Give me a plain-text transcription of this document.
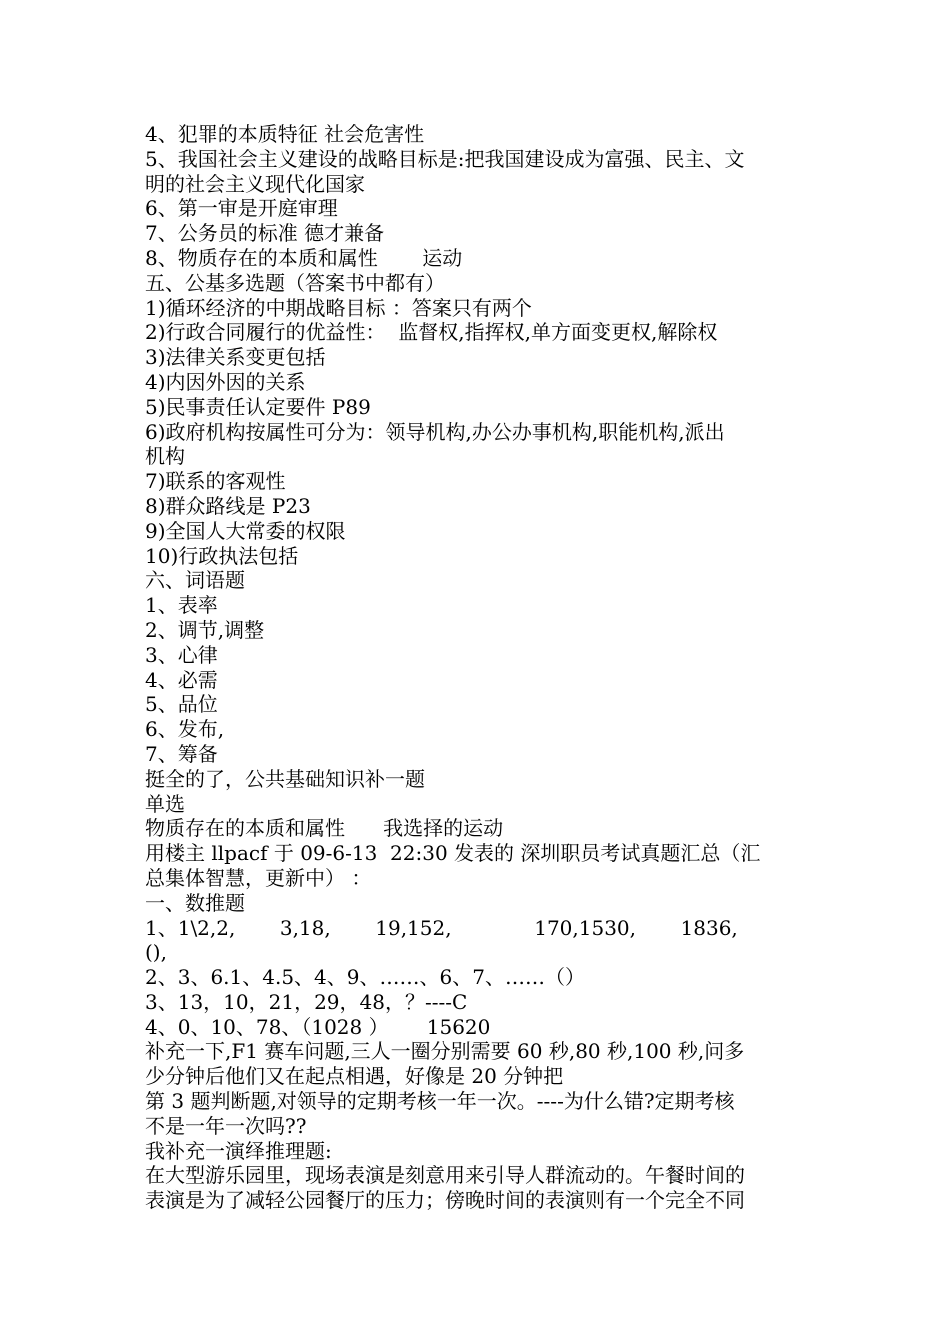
4、犯罪的本质特征 社会危害性
5、我国社会主义建设的战略目标是:把我国建设成为富强、民主、文
明的社会主义现代化国家
6、第一审是开庭审理
7、公务员的标准 德才兼备
8、物质存在的本质和属性       运动
五、公基多选题（答案书中都有）
1)循环经济的中期战略目标 ：答案只有两个
2)行政合同履行的优益性：  监督权,指挥权,单方面变更权,解除权
3)法律关系变更包括
4)内因外因的关系
5)民事责任认定要件 P89
6)政府机构按属性可分为：领导机构,办公办事机构,职能机构,派出
机构
7)联系的客观性
8)群众路线是 P23
9)全国人大常委的权限
10)行政执法包括
六、词语题
1、表率
2、调节,调整
3、心律
4、必需
5、品位
6、发布,
7、筹备
挺全的了，公共基础知识补一题
单选
物质存在的本质和属性      我选择的运动
用楼主 llpacf 于 09-6-13  22:30 发表的 深圳职员考试真题汇总（汇
总集体智慧，更新中） ：
一、数推题
1、1\2,2,       3,18,       19,152,             170,1530,       1836,
(),
2、3、6.1、4.5、4、9、……、6、7、……（）
3、13，10，21，29，48，？----C
4、0、10、78、（1028 ）      15620
补充一下,F1 赛车问题,三人一圈分别需要 60 秒,80 秒,100 秒,问多
少分钟后他们又在起点相遇，好像是 20 分钟把
第 3 题判断题,对领导的定期考核一年一次。----为什么错?定期考核
不是一年一次吗??
我补充一演绎推理题:
在大型游乐园里，现场表演是刻意用来引导人群流动的。午餐时间的
表演是为了减轻公园餐厅的压力；傍晚时间的表演则有一个完全不同
